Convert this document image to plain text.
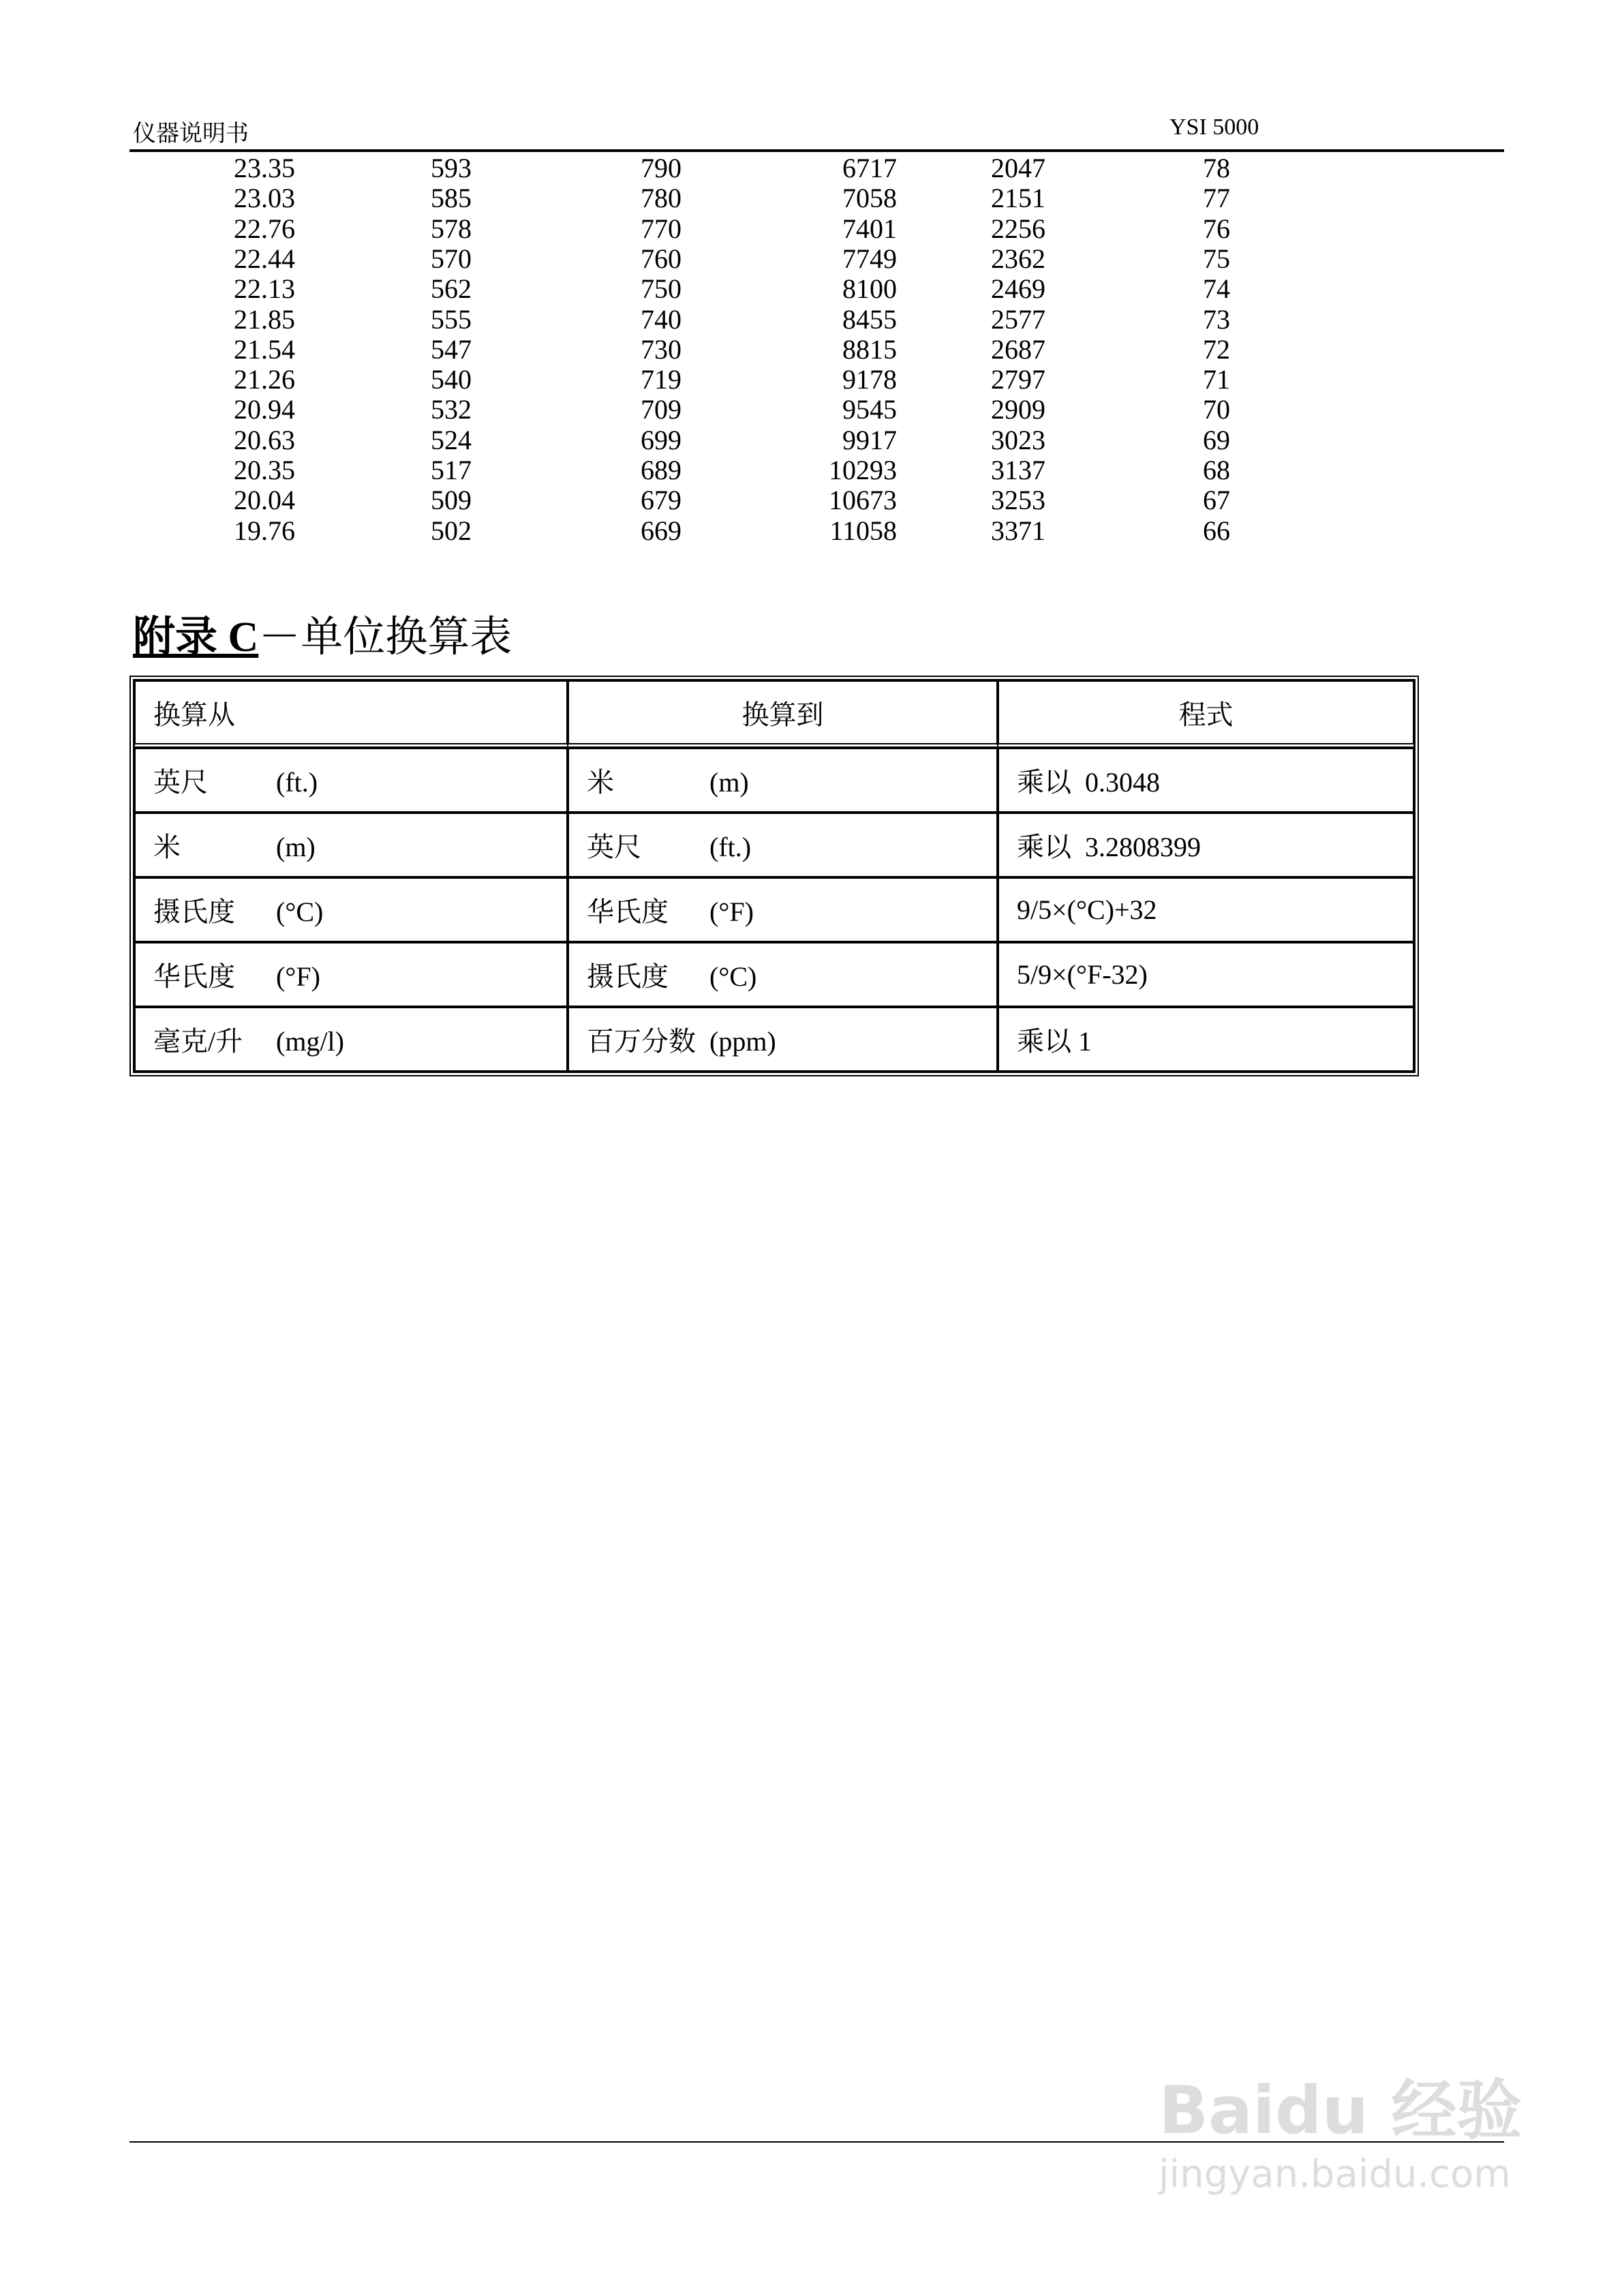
仪器说明书	YSI 5000
23.35	593	790	6717	2047	78
23.03	585	780	7058	2151	77
22.76	578	770	7401	2256	76
22.44	570	760	7749	2362	75
22.13	562	750	8100	2469	74
21.85	555	740	8455	2577	73
21.54	547	730	8815	2687	72
21.26	540	719	9178	2797	71
20.94	532	709	9545	2909	70
20.63	524	699	9917	3023	69
20.35	517	689	10293	3137	68
20.04	509	679	10673	3253	67
19.76	502	669	11058	3371	66
附录 C－单位换算表
换算从	换算到	程式
英尺 (ft.)	米 (m)	乘以  0.3048
米 (m)	英尺 (ft.)	乘以  3.2808399
摄氏度 (°C)	华氏度 (°F)	9/5×(°C)+32
华氏度 (°F)	摄氏度 (°C)	5/9×(°F-32)
毫克/升 (mg/l)	百万分数 (ppm)	乘以 1
Baidu 经验
jingyan.baidu.com
